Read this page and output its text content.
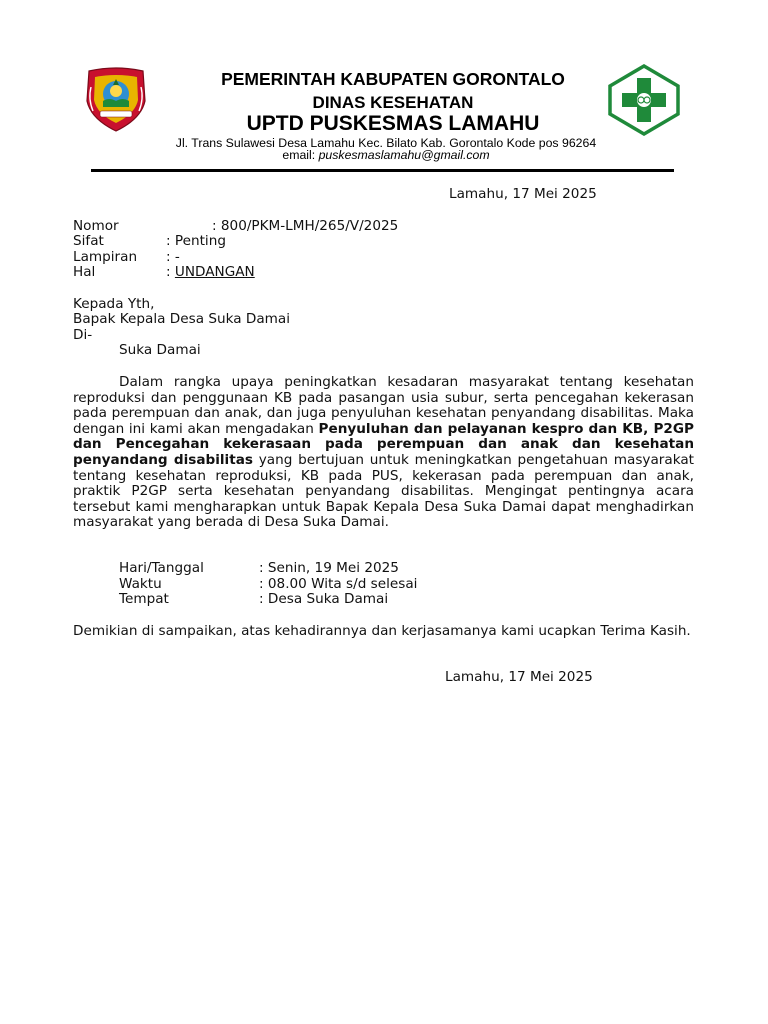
PEMERINTAH KABUPATEN GORONTALO
DINAS KESEHATAN
UPTD PUSKESMAS LAMAHU
Jl. Trans Sulawesi Desa Lamahu Kec. Bilato Kab. Gorontalo Kode pos 96264
email: puskesmaslamahu@gmail.com
Lamahu, 17 Mei 2025
Nomor	: 800/PKM-LMH/265/V/2025
Sifat	: Penting
Lampiran : -
Hal	: UNDANGAN
Kepada Yth,
Bapak Kepala Desa Suka Damai
Di-
Suka Damai
Dalam rangka upaya peningkatkan kesadaran masyarakat tentang kesehatan reproduksi dan penggunaan KB pada pasangan usia subur, serta pencegahan kekerasan pada perempuan dan anak, dan juga penyuluhan kesehatan penyandang disabilitas. Maka dengan ini kami akan mengadakan Penyuluhan dan pelayanan kespro dan KB, P2GP dan Pencegahan kekerasaan pada perempuan dan anak dan kesehatan penyandang disabilitas yang bertujuan untuk meningkatkan pengetahuan masyarakat tentang kesehatan reproduksi, KB pada PUS, kekerasan pada perempuan dan anak, praktik P2GP serta kesehatan penyandang disabilitas. Mengingat pentingnya acara tersebut kami mengharapkan untuk Bapak Kepala Desa Suka Damai dapat menghadirkan masyarakat yang berada di Desa Suka Damai.
Hari/Tanggal	: Senin, 19 Mei 2025
Waktu	: 08.00 Wita s/d selesai
Tempat	: Desa Suka Damai
Demikian di sampaikan, atas kehadirannya dan kerjasamanya kami ucapkan Terima Kasih.
Lamahu, 17 Mei 2025
